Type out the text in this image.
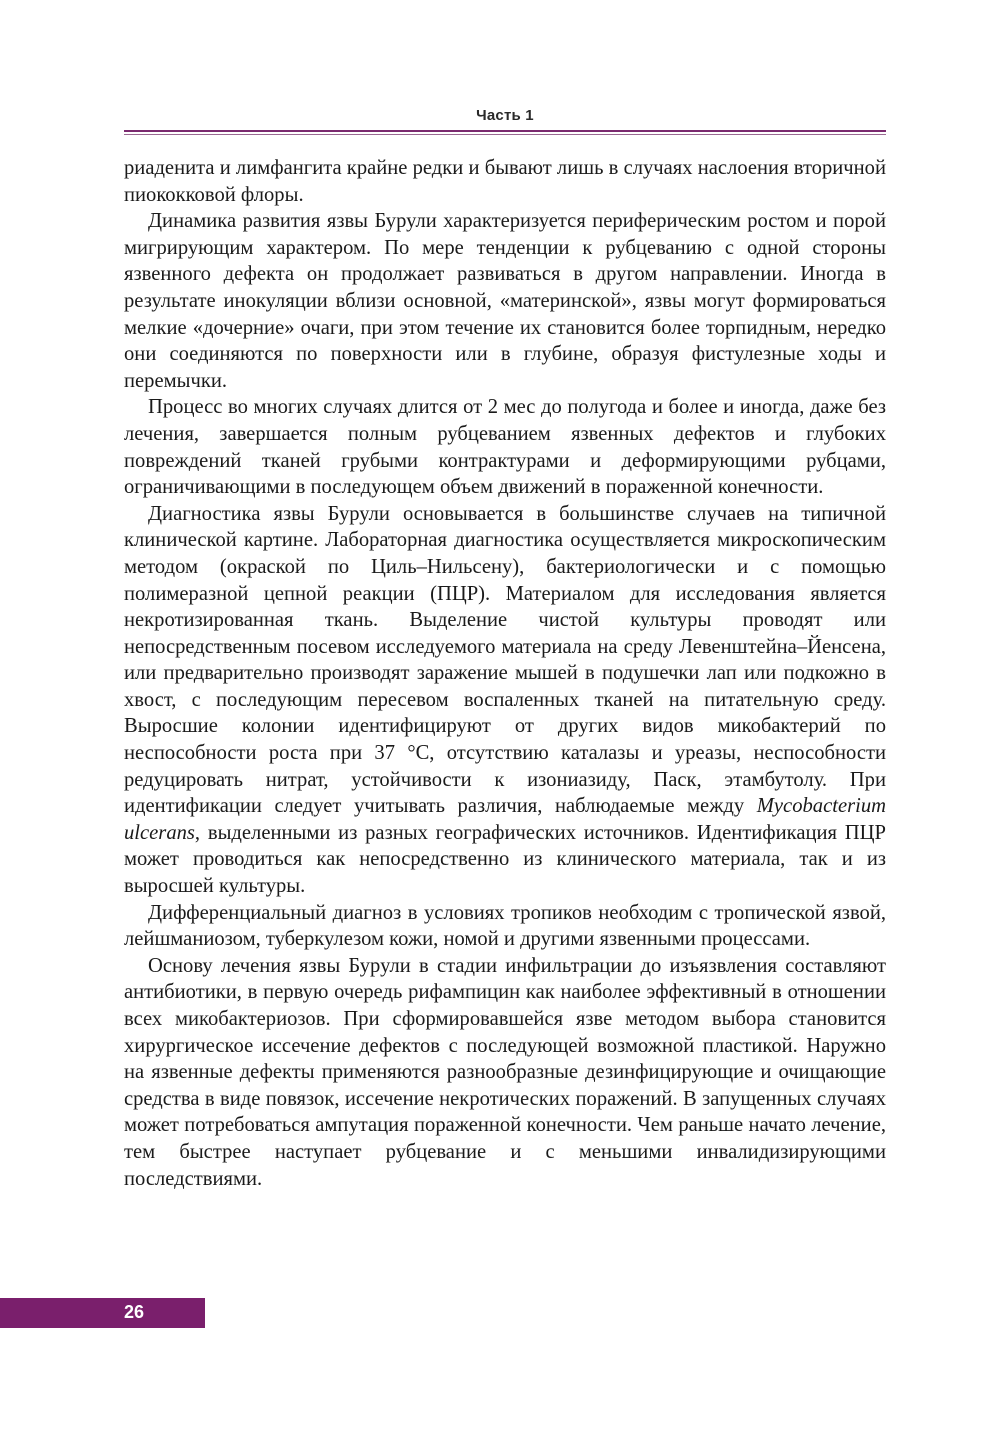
Часть 1

риаденита и лимфангита крайне редки и бывают лишь в случаях наслоения вторичной пиококковой флоры.

Динамика развития язвы Бурули характеризуется периферическим ростом и порой мигрирующим характером. По мере тенденции к рубцеванию с одной стороны язвенного дефекта он продолжает развиваться в другом направлении. Иногда в результате инокуляции вблизи основной, «материнской», язвы могут формироваться мелкие «дочерние» очаги, при этом течение их становится более торпидным, нередко они соединяются по поверхности или в глубине, образуя фистулезные ходы и перемычки.

Процесс во многих случаях длится от 2 мес до полугода и более и иногда, даже без лечения, завершается полным рубцеванием язвенных дефектов и глубоких повреждений тканей грубыми контрактурами и деформирующими рубцами, ограничивающими в последующем объем движений в пораженной конечности.

Диагностика язвы Бурули основывается в большинстве случаев на типичной клинической картине. Лабораторная диагностика осуществляется микроскопическим методом (окраской по Циль–Нильсену), бактериологически и с помощью полимеразной цепной реакции (ПЦР). Материалом для исследования является некротизированная ткань. Выделение чистой культуры проводят или непосредственным посевом исследуемого материала на среду Левенштейна–Йенсена, или предварительно производят заражение мышей в подушечки лап или подкожно в хвост, с последующим пересевом воспаленных тканей на питательную среду. Выросшие колонии идентифицируют от других видов микобактерий по неспособности роста при 37 °C, отсутствию каталазы и уреазы, неспособности редуцировать нитрат, устойчивости к изониазиду, Паск, этамбутолу. При идентификации следует учитывать различия, наблюдаемые между Mycobacterium ulcerans, выделенными из разных географических источников. Идентификация ПЦР может проводиться как непосредственно из клинического материала, так и из выросшей культуры.

Дифференциальный диагноз в условиях тропиков необходим с тропической язвой, лейшманиозом, туберкулезом кожи, номой и другими язвенными процессами.

Основу лечения язвы Бурули в стадии инфильтрации до изъязвления составляют антибиотики, в первую очередь рифампицин как наиболее эффективный в отношении всех микобактериозов. При сформировавшейся язве методом выбора становится хирургическое иссечение дефектов с последующей возможной пластикой. Наружно на язвенные дефекты применяются разнообразные дезинфицирующие и очищающие средства в виде повязок, иссечение некротических поражений. В запущенных случаях может потребоваться ампутация пораженной конечности. Чем раньше начато лечение, тем быстрее наступает рубцевание и с меньшими инвалидизирующими последствиями.

26
